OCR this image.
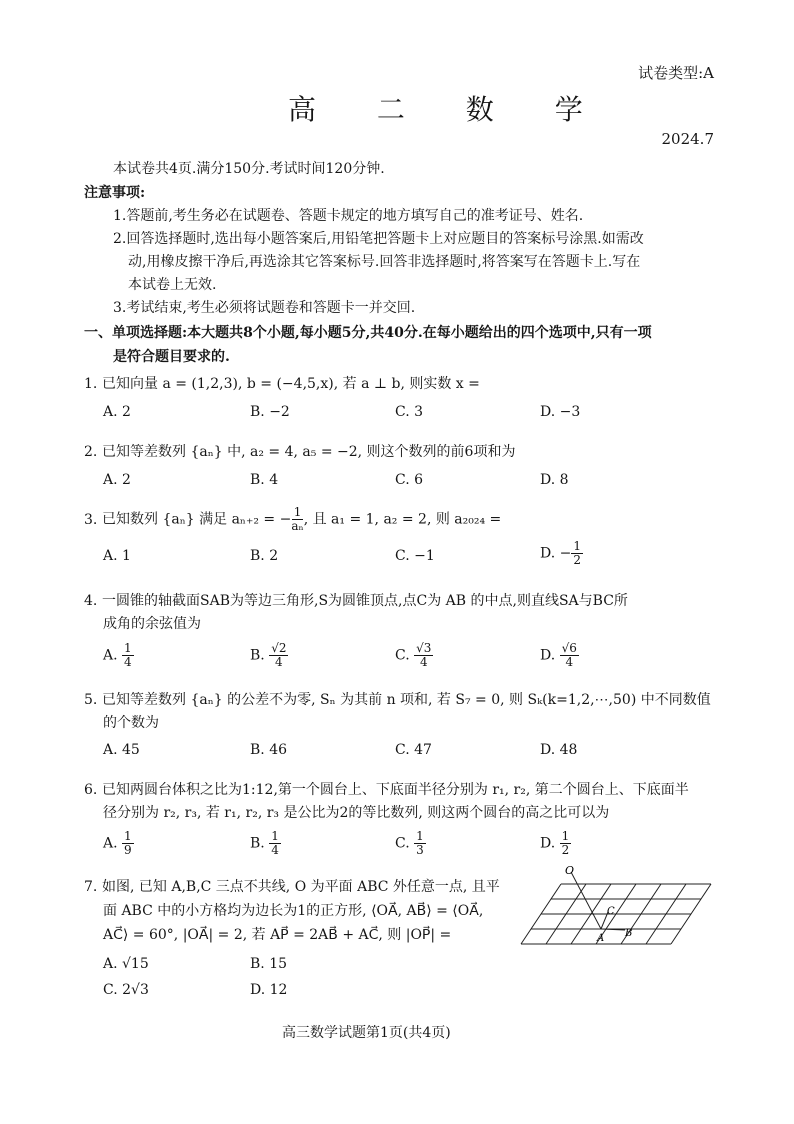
试卷类型:A
高 二 数 学
2024.7
本试卷共4页.满分150分.考试时间120分钟.
注意事项:
1.答题前,考生务必在试题卷、答题卡规定的地方填写自己的准考证号、姓名.
2.回答选择题时,选出每小题答案后,用铅笔把答题卡上对应题目的答案标号涂黑.如需改
动,用橡皮擦干净后,再选涂其它答案标号.回答非选择题时,将答案写在答题卡上.写在
本试卷上无效.
3.考试结束,考生必须将试题卷和答题卡一并交回.
一、单项选择题:本大题共8个小题,每小题5分,共40分.在每小题给出的四个选项中,只有一项
是符合题目要求的.
1. 已知向量 a = (1,2,3), b = (−4,5,x), 若 a ⊥ b, 则实数 x =
A. 2	B. −2	C. 3	D. −3
2. 已知等差数列 {aₙ} 中, a₂ = 4, a₅ = −2, 则这个数列的前6项和为
A. 2	B. 4	C. 6	D. 8
3. 已知数列 {aₙ} 满足 aₙ₊₂ = − $\frac{1}{\text{aₙ}}$ , 且 a₁ = 1, a₂ = 2, 则 a₂₀₂₄ =
A. 1	B. 2	C. −1	D. − $\frac{1}{2}$
4. 一圆锥的轴截面SAB为等边三角形,S为圆锥顶点,点C为 AB 的中点,则直线SA与BC所
成角的余弦值为
A. $\frac{1}{4}$	B. $\frac{√2}{4}$	C. $\frac{√3}{4}$	D. $\frac{√6}{4}$
5. 已知等差数列 {aₙ} 的公差不为零, Sₙ 为其前 n 项和, 若 S₇ = 0, 则 Sₖ(k=1,2,⋯,50) 中不同数值
的个数为
A. 45	B. 46	C. 47	D. 48
6. 已知两圆台体积之比为1:12,第一个圆台上、下底面半径分别为 r₁, r₂, 第二个圆台上、下底面半
径分别为 r₂, r₃, 若 r₁, r₂, r₃ 是公比为2的等比数列, 则这两个圆台的高之比可以为
A. $\frac{1}{9}$	B. $\frac{1}{4}$	C. $\frac{1}{3}$	D. $\frac{1}{2}$
7. 如图, 已知 A,B,C 三点不共线, O 为平面 ABC 外任意一点, 且平
面 ABC 中的小方格均为边长为1的正方形, ⟨OA⃗, AB⃗⟩ = ⟨OA⃗,
AC⃗⟩ = 60°, |OA⃗| = 2, 若 AP⃗ = 2AB⃗ + AC⃗, 则 |OP⃗| =
A. √15	B. 15
C. 2√3	D. 12
O
C
A B
高三数学试题第1页(共4页)
